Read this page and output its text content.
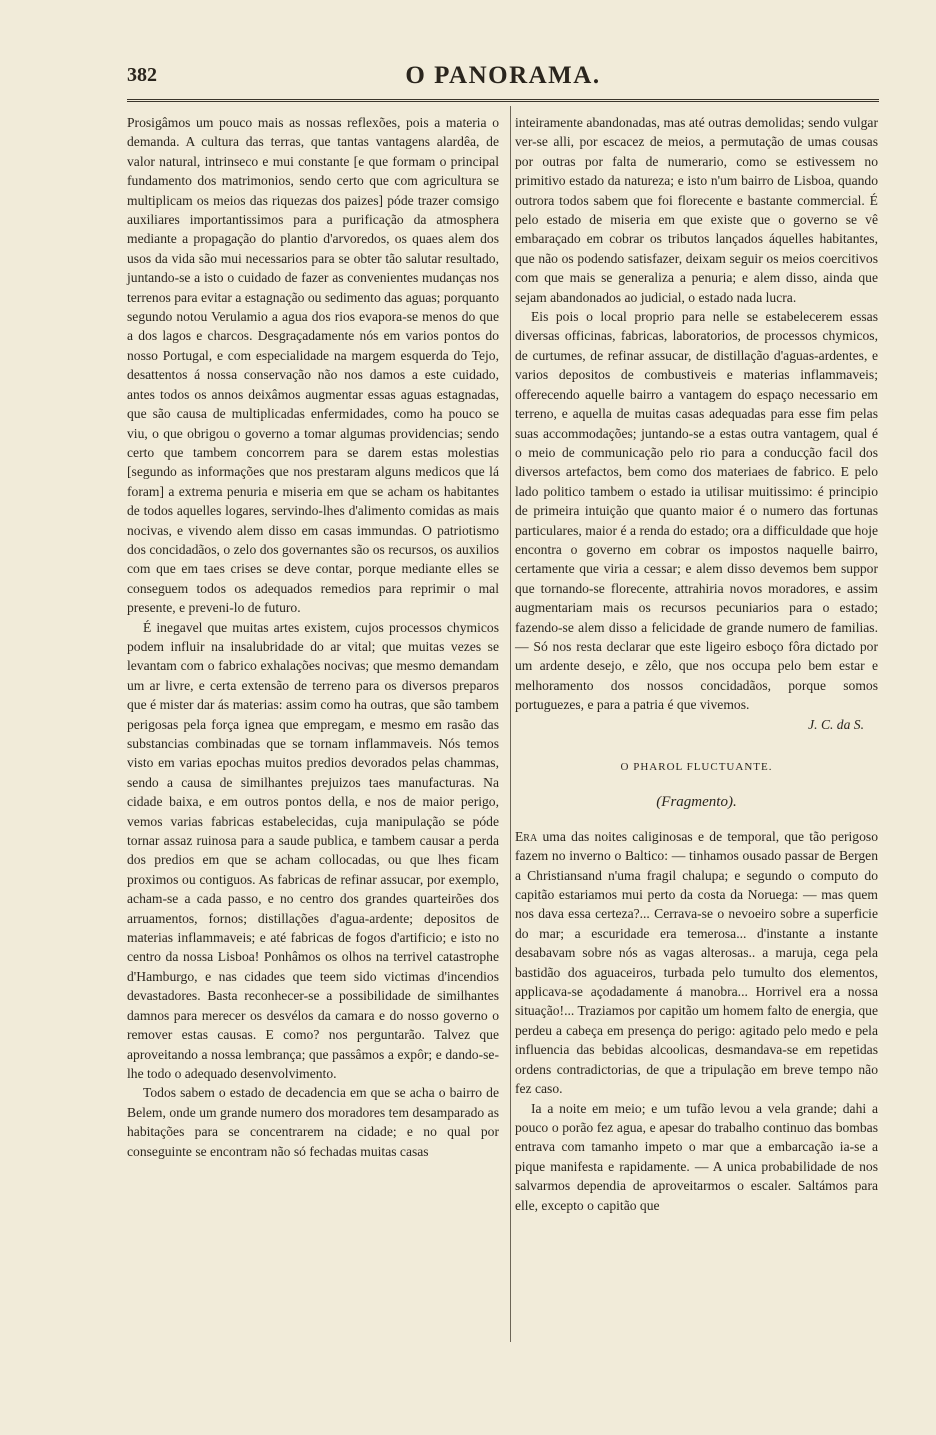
382	O PANORAMA.

Prosigâmos um pouco mais as nossas reflexões, pois a materia o demanda. A cultura das terras, que tantas vantagens alardêa, de valor natural, intrinseco e mui constante [e que formam o principal fundamento dos matrimonios, sendo certo que com agricultura se multiplicam os meios das riquezas dos paizes] póde trazer comsigo auxiliares importantissimos para a purificação da atmosphera mediante a propagação do plantio d'arvoredos, os quaes alem dos usos da vida são mui necessarios para se obter tão salutar resultado, juntando-se a isto o cuidado de fazer as convenientes mudanças nos terrenos para evitar a estagnação ou sedimento das aguas; porquanto segundo notou Verulamio a agua dos rios evapora-se menos do que a dos lagos e charcos. Desgraçadamente nós em varios pontos do nosso Portugal, e com especialidade na margem esquerda do Tejo, desattentos á nossa conservação não nos damos a este cuidado, antes todos os annos deixâmos augmentar essas aguas estagnadas, que são causa de multiplicadas enfermidades, como ha pouco se viu, o que obrigou o governo a tomar algumas providencias; sendo certo que tambem concorrem para se darem estas molestias [segundo as informações que nos prestaram alguns medicos que lá foram] a extrema penuria e miseria em que se acham os habitantes de todos aquelles logares, servindo-lhes d'alimento comidas as mais nocivas, e vivendo alem disso em casas immundas. O patriotismo dos concidadãos, o zelo dos governantes são os recursos, os auxilios com que em taes crises se deve contar, porque mediante elles se conseguem todos os adequados remedios para reprimir o mal presente, e preveni-lo de futuro.

É inegavel que muitas artes existem, cujos processos chymicos podem influir na insalubridade do ar vital; que muitas vezes se levantam com o fabrico exhalações nocivas; que mesmo demandam um ar livre, e certa extensão de terreno para os diversos preparos que é mister dar ás materias: assim como ha outras, que são tambem perigosas pela força ignea que empregam, e mesmo em rasão das substancias combinadas que se tornam inflammaveis. Nós temos visto em varias epochas muitos predios devorados pelas chammas, sendo a causa de similhantes prejuizos taes manufacturas. Na cidade baixa, e em outros pontos della, e nos de maior perigo, vemos varias fabricas estabelecidas, cuja manipulação se póde tornar assaz ruinosa para a saude publica, e tambem causar a perda dos predios em que se acham collocadas, ou que lhes ficam proximos ou contiguos. As fabricas de refinar assucar, por exemplo, acham-se a cada passo, e no centro dos grandes quarteirões dos arruamentos, fornos; distillações d'agua-ardente; depositos de materias inflammaveis; e até fabricas de fogos d'artificio; e isto no centro da nossa Lisboa! Ponhâmos os olhos na terrivel catastrophe d'Hamburgo, e nas cidades que teem sido victimas d'incendios devastadores. Basta reconhecer-se a possibilidade de similhantes damnos para merecer os desvélos da camara e do nosso governo o remover estas causas. E como? nos perguntarão. Talvez que aproveitando a nossa lembrança; que passâmos a expôr; e dando-se-lhe todo o adequado desenvolvimento.

Todos sabem o estado de decadencia em que se acha o bairro de Belem, onde um grande numero dos moradores tem desamparado as habitações para se concentrarem na cidade; e no qual por conseguinte se encontram não só fechadas muitas casas

inteiramente abandonadas, mas até outras demolidas; sendo vulgar ver-se alli, por escacez de meios, a permutação de umas cousas por outras por falta de numerario, como se estivessem no primitivo estado da natureza; e isto n'um bairro de Lisboa, quando outrora todos sabem que foi florecente e bastante commercial. É pelo estado de miseria em que existe que o governo se vê embaraçado em cobrar os tributos lançados áquelles habitantes, que não os podendo satisfazer, deixam seguir os meios coercitivos com que mais se generaliza a penuria; e alem disso, ainda que sejam abandonados ao judicial, o estado nada lucra.

Eis pois o local proprio para nelle se estabelecerem essas diversas officinas, fabricas, laboratorios, de processos chymicos, de curtumes, de refinar assucar, de distillação d'aguas-ardentes, e varios depositos de combustiveis e materias inflammaveis; offerecendo aquelle bairro a vantagem do espaço necessario em terreno, e aquella de muitas casas adequadas para esse fim pelas suas accommodações; juntando-se a estas outra vantagem, qual é o meio de communicação pelo rio para a conducção facil dos diversos artefactos, bem como dos materiaes de fabrico. E pelo lado politico tambem o estado ia utilisar muitissimo: é principio de primeira intuição que quanto maior é o numero das fortunas particulares, maior é a renda do estado; ora a difficuldade que hoje encontra o governo em cobrar os impostos naquelle bairro, certamente que viria a cessar; e alem disso devemos bem suppor que tornando-se florecente, attrahiria novos moradores, e assim augmentariam mais os recursos pecuniarios para o estado; fazendo-se alem disso a felicidade de grande numero de familias.— Só nos resta declarar que este ligeiro esboço fôra dictado por um ardente desejo, e zêlo, que nos occupa pelo bem estar e melhoramento dos nossos concidadãos, porque somos portuguezes, e para a patria é que vivemos.

J. C. da S.

O PHAROL FLUCTUANTE.
(Fragmento).

Era uma das noites caliginosas e de temporal, que tão perigoso fazem no inverno o Baltico: — tinhamos ousado passar de Bergen a Christiansand n'uma fragil chalupa; e segundo o computo do capitão estariamos mui perto da costa da Noruega: — mas quem nos dava essa certeza?... Cerrava-se o nevoeiro sobre a superficie do mar; a escuridade era temerosa... d'instante a instante desabavam sobre nós as vagas alterosas.. a maruja, cega pela bastidão dos aguaceiros, turbada pelo tumulto dos elementos, applicava-se açodadamente á manobra... Horrivel era a nossa situação!... Traziamos por capitão um homem falto de energia, que perdeu a cabeça em presença do perigo: agitado pelo medo e pela influencia das bebidas alcoolicas, desmandava-se em repetidas ordens contradictorias, de que a tripulação em breve tempo não fez caso.

Ia a noite em meio; e um tufão levou a vela grande; dahi a pouco o porão fez agua, e apesar do trabalho continuo das bombas entrava com tamanho impeto o mar que a embarcação ia-se a pique manifesta e rapidamente. — A unica probabilidade de nos salvarmos dependia de aproveitarmos o escaler. Saltámos para elle, excepto o capitão que
